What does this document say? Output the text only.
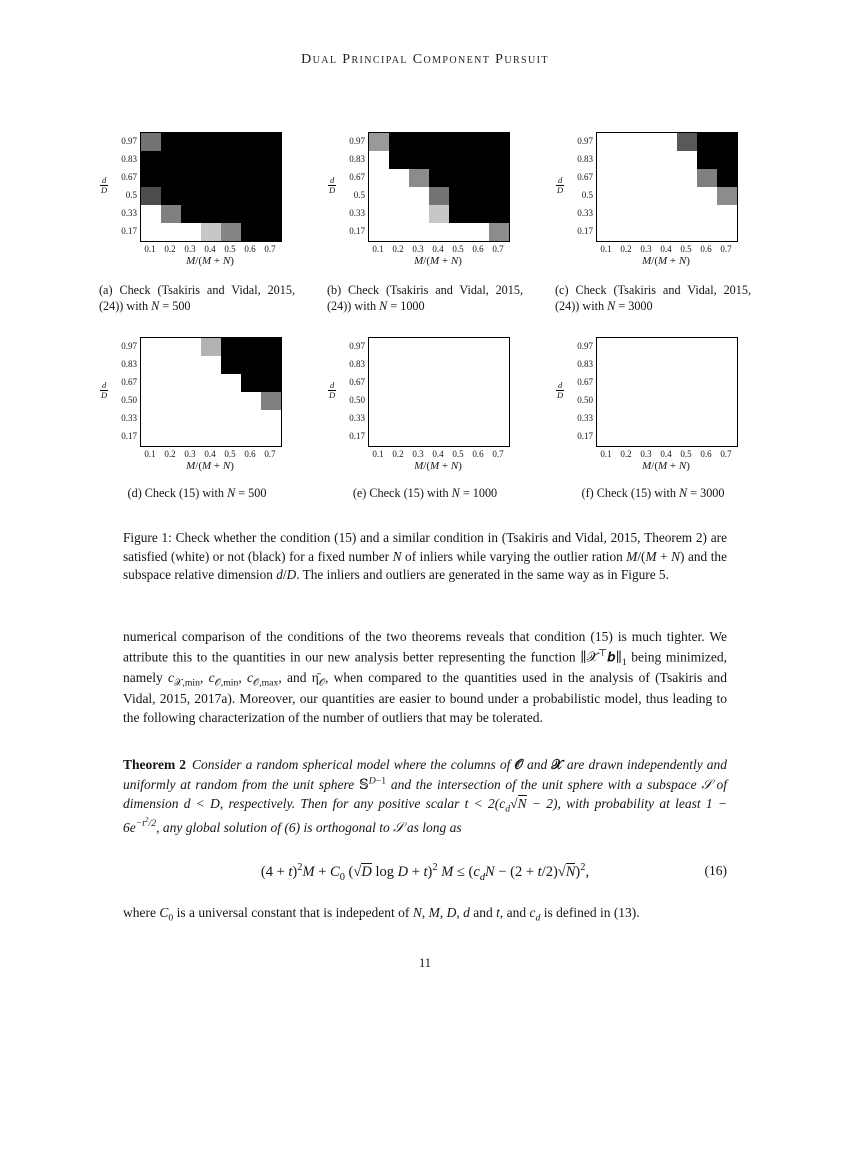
Dual Principal Component Pursuit
$\frac{d}{D}$
0.97
0.83
0.67
0.5
0.33
0.17
0.1 0.2 0.3 0.4 0.5 0.6 0.7
M/(M + N)
(a) Check (Tsakiris and Vidal, 2015, (24)) with N = 500
$\frac{d}{D}$
0.97
0.83
0.67
0.5
0.33
0.17
0.1 0.2 0.3 0.4 0.5 0.6 0.7
M/(M + N)
(b) Check (Tsakiris and Vidal, 2015, (24)) with N = 1000
$\frac{d}{D}$
0.97
0.83
0.67
0.5
0.33
0.17
0.1 0.2 0.3 0.4 0.5 0.6 0.7
M/(M + N)
(c) Check (Tsakiris and Vidal, 2015, (24)) with N = 3000
$\frac{d}{D}$
0.97
0.83
0.67
0.50
0.33
0.17
0.1 0.2 0.3 0.4 0.5 0.6 0.7
M/(M + N)
(d) Check (15) with N = 500
$\frac{d}{D}$
0.97
0.83
0.67
0.50
0.33
0.17
0.1 0.2 0.3 0.4 0.5 0.6 0.7
M/(M + N)
(e) Check (15) with N = 1000
$\frac{d}{D}$
0.97
0.83
0.67
0.50
0.33
0.17
0.1 0.2 0.3 0.4 0.5 0.6 0.7
M/(M + N)
(f) Check (15) with N = 3000
Figure 1: Check whether the condition (15) and a similar condition in (Tsakiris and Vidal, 2015, Theorem 2) are satisfied (white) or not (black) for a fixed number N of inliers while varying the outlier ration M/(M + N) and the subspace relative dimension d/D. The inliers and outliers are generated in the same way as in Figure 5.

numerical comparison of the conditions of the two theorems reveals that condition (15) is much tighter. We attribute this to the quantities in our new analysis better representing the function $\parallel 𝒳̃^⊤𝒃\parallel_1$ being minimized, namely $c_{𝒳,min}$, $c_{𝒪,min}$, $c_{𝒪,max}$, and $\etā_𝒪$, when compared to the quantities used in the analysis of (Tsakiris and Vidal, 2015, 2017a). Moreover, our quantities are easier to bound under a probabilistic model, thus leading to the following characterization of the number of outliers that may be tolerated.

Theorem 2 Consider a random spherical model where the columns of 𝒪 and 𝒳 are drawn independently and uniformly at random from the unit sphere 𝕊$^{D-1}$ and the intersection of the unit sphere with a subspace 𝒮 of dimension d < D, respectively. Then for any positive scalar $t < 2(c_d√N - 2)$, with probability at least $1 - 6e^{-t^2/2}$, any global solution of (6) is orthogonal to 𝒮 as long as

$(4 + t)^2M + C_0$ (√D log D + t)$^2$ $M \le (c_dN - (2 + t/2)√N)^2$,	(16)

where $C_0$ is a universal constant that is indepedent of N, M, D, d and t, and $c_d$ is defined in (13).

11
